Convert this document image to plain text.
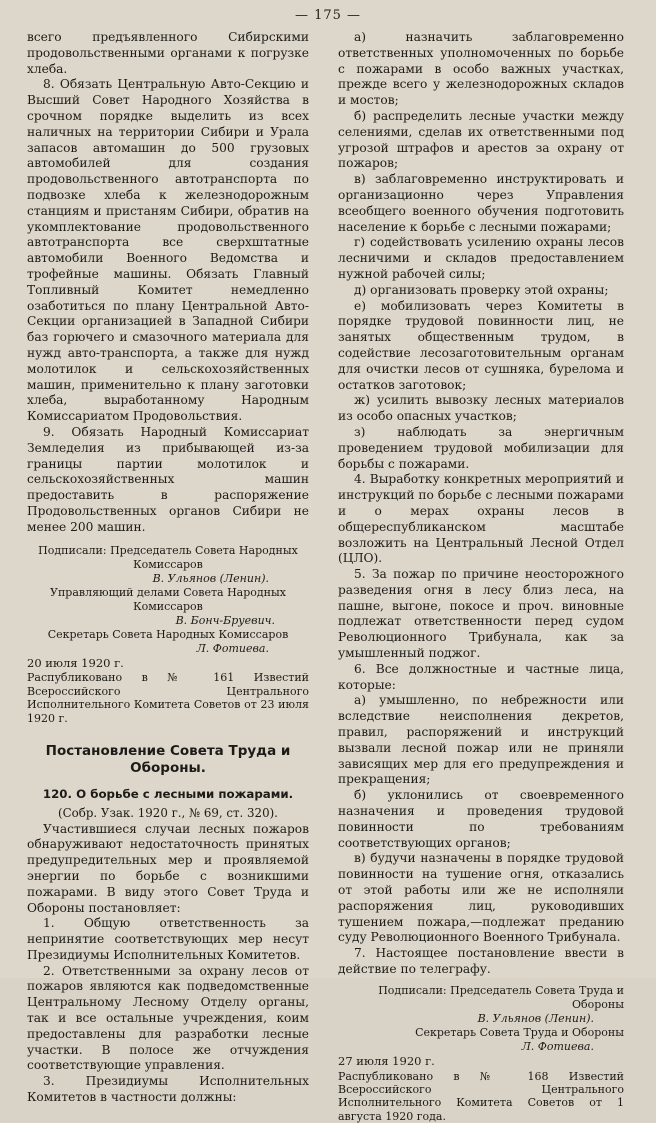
— 175 —

всего предъявленного Сибирскими продовольственными органами к погрузке хлеба.

8. Обязать Центральную Авто-Секцию и Высший Совет Народного Хозяйства в срочном порядке выделить из всех наличных на территории Сибири и Урала запасов автомашин до 500 грузовых автомобилей для создания продовольственного автотранспорта по подвозке хлеба к железнодорожным станциям и пристаням Сибири, обратив на укомплектование продовольственного автотранспорта все сверхштатные автомобили Военного Ведомства и трофейные машины. Обязать Главный Топливный Комитет немедленно озаботиться по плану Центральной Авто-Секции организацией в Западной Сибири баз горючего и смазочного материала для нужд авто-транспорта, а также для нужд молотилок и сельскохозяйственных машин, применительно к плану заготовки хлеба, выработанному Народным Комиссариатом Продовольствия.

9. Обязать Народный Комиссариат Земледелия из прибывающей из-за границы партии молотилок и сельскохозяйственных машин предоставить в распоряжение Продовольственных органов Сибири не менее 200 машин.

Подписали: Председатель Совета Народных Комиссаров

В. Ульянов (Ленин).

Управляющий делами Совета Народных Комиссаров

В. Бонч-Бруевич.

Секретарь Совета Народных Комиссаров

Л. Фотиева.

20 июля 1920 г.

Распубликовано в № 161 Известий Всероссийского Центрального Исполнительного Комитета Советов от 23 июля 1920 г.

Постановление Совета Труда и Обороны.
120. О борьбе с лесными пожарами.

(Собр. Узак. 1920 г., № 69, ст. 320).

Участившиеся случаи лесных пожаров обнаруживают недостаточность принятых предупредительных мер и проявляемой энергии по борьбе с возникшими пожарами. В виду этого Совет Труда и Обороны постановляет:

1. Общую ответственность за непринятие соответствующих мер несут Президиумы Исполнительных Комитетов.

2. Ответственными за охрану лесов от пожаров являются как подведомственные Центральному Лесному Отделу органы, так и все остальные учреждения, коим предоставлены для разработки лесные участки. В полосе же отчуждения соответствующие управления.

3. Президиумы Исполнительных Комитетов в частности должны:

а) назначить заблаговременно ответственных уполномоченных по борьбе с пожарами в особо важных участках, прежде всего у железнодорожных складов и мостов;

б) распределить лесные участки между селениями, сделав их ответственными под угрозой штрафов и арестов за охрану от пожаров;

в) заблаговременно инструктировать и организационно через Управления всеобщего военного обучения подготовить население к борьбе с лесными пожарами;

г) содействовать усилению охраны лесов лесничими и складов предоставлением нужной рабочей силы;

д) организовать проверку этой охраны;

е) мобилизовать через Комитеты в порядке трудовой повинности лиц, не занятых общественным трудом, в содействие лесозаготовительным органам для очистки лесов от сушняка, бурелома и остатков заготовок;

ж) усилить вывозку лесных материалов из особо опасных участков;

з) наблюдать за энергичным проведением трудовой мобилизации для борьбы с пожарами.

4. Выработку конкретных мероприятий и инструкций по борьбе с лесными пожарами и о мерах охраны лесов в общереспубликанском масштабе возложить на Центральный Лесной Отдел (ЦЛО).

5. За пожар по причине неосторожного разведения огня в лесу близ леса, на пашне, выгоне, покосе и проч. виновные подлежат ответственности перед судом Революционного Трибунала, как за умышленный поджог.

6. Все должностные и частные лица, которые:

а) умышленно, по небрежности или вследствие неисполнения декретов, правил, распоряжений и инструкций вызвали лесной пожар или не приняли зависящих мер для его предупреждения и прекращения;

б) уклонились от своевременного назначения и проведения трудовой повинности по требованиям соответствующих органов;

в) будучи назначены в порядке трудовой повинности на тушение огня, отказались от этой работы или же не исполняли распоряжения лиц, руководивших тушением пожара,—подлежат преданию суду Революционного Военного Трибунала.

7. Настоящее постановление ввести в действие по телеграфу.

Подписали: Председатель Совета Труда и Обороны

В. Ульянов (Ленин).

Секретарь Совета Труда и Обороны

Л. Фотиева.

27 июля 1920 г.

Распубликовано в № 168 Известий Всероссийского Центрального Исполнительного Комитета Советов от 1 августа 1920 года.
